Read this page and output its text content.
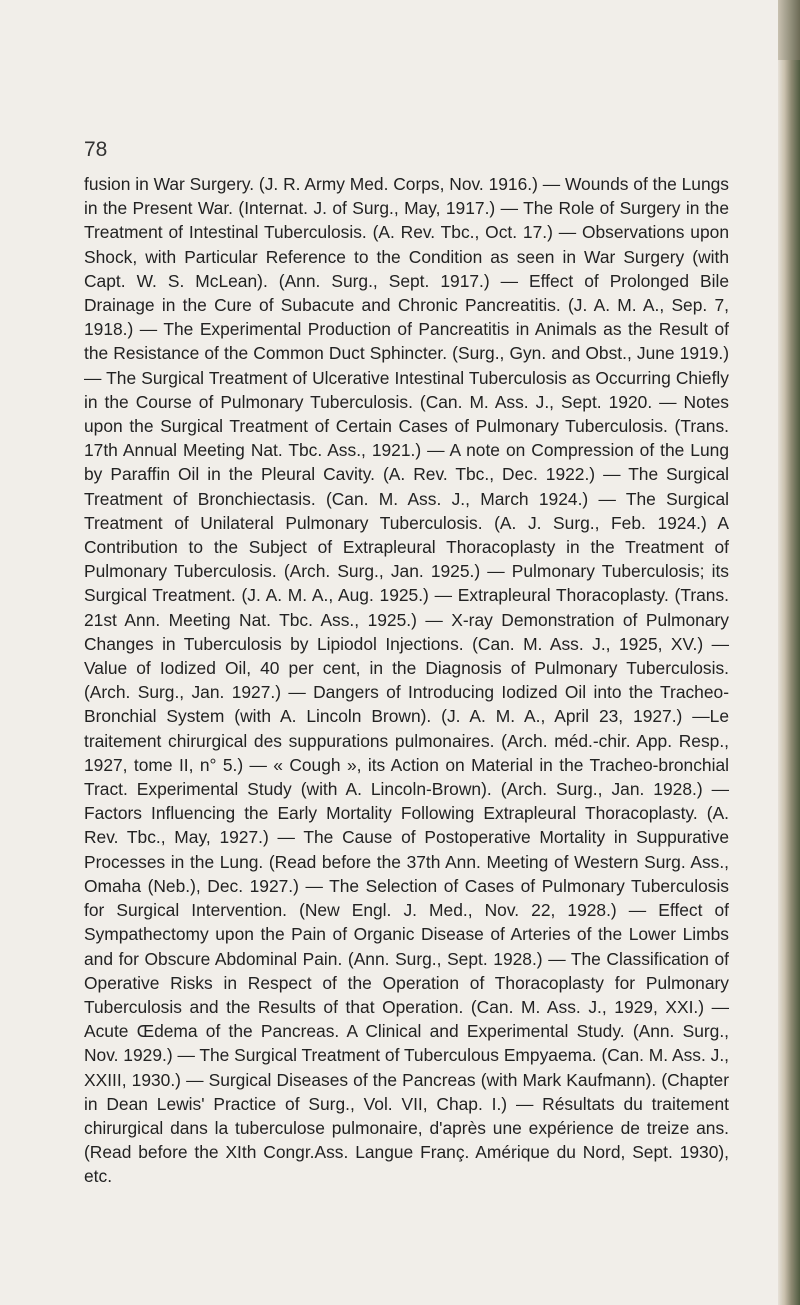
78

fusion in War Surgery. (J. R. Army Med. Corps, Nov. 1916.) — Wounds of the Lungs in the Present War. (Internat. J. of Surg., May, 1917.) — The Role of Surgery in the Treatment of Intestinal Tuberculosis. (A. Rev. Tbc., Oct. 17.) — Observations upon Shock, with Particular Reference to the Condition as seen in War Surgery (with Capt. W. S. McLean). (Ann. Surg., Sept. 1917.) — Effect of Prolonged Bile Drainage in the Cure of Subacute and Chronic Pancreatitis. (J. A. M. A., Sep. 7, 1918.) — The Experimental Production of Pancreatitis in Animals as the Result of the Resistance of the Common Duct Sphincter. (Surg., Gyn. and Obst., June 1919.) — The Surgical Treatment of Ulcerative Intestinal Tuberculosis as Occurring Chiefly in the Course of Pulmonary Tuberculosis. (Can. M. Ass. J., Sept. 1920. — Notes upon the Surgical Treatment of Certain Cases of Pulmonary Tuberculosis. (Trans. 17th Annual Meeting Nat. Tbc. Ass., 1921.) — A note on Compression of the Lung by Paraffin Oil in the Pleural Cavity. (A. Rev. Tbc., Dec. 1922.) — The Surgical Treatment of Bronchiectasis. (Can. M. Ass. J., March 1924.) — The Surgical Treatment of Unilateral Pulmonary Tuberculosis. (A. J. Surg., Feb. 1924.) A Contribution to the Subject of Extrapleural Thoracoplasty in the Treatment of Pulmonary Tuberculosis. (Arch. Surg., Jan. 1925.) — Pulmonary Tuberculosis; its Surgical Treatment. (J. A. M. A., Aug. 1925.) — Extrapleural Thoracoplasty. (Trans. 21st Ann. Meeting Nat. Tbc. Ass., 1925.) — X-ray Demonstration of Pulmonary Changes in Tuberculosis by Lipiodol Injections. (Can. M. Ass. J., 1925, XV.) — Value of Iodized Oil, 40 per cent, in the Diagnosis of Pulmonary Tuberculosis. (Arch. Surg., Jan. 1927.) — Dangers of Introducing Iodized Oil into the Tracheo-Bronchial System (with A. Lincoln Brown). (J. A. M. A., April 23, 1927.) —Le traitement chirurgical des suppurations pulmonaires. (Arch. méd.-chir. App. Resp., 1927, tome II, n° 5.) — « Cough », its Action on Material in the Tracheo-bronchial Tract. Experimental Study (with A. Lincoln-Brown). (Arch. Surg., Jan. 1928.) — Factors Influencing the Early Mortality Following Extrapleural Thoracoplasty. (A. Rev. Tbc., May, 1927.) — The Cause of Postoperative Mortality in Suppurative Processes in the Lung. (Read before the 37th Ann. Meeting of Western Surg. Ass., Omaha (Neb.), Dec. 1927.) — The Selection of Cases of Pulmonary Tuberculosis for Surgical Intervention. (New Engl. J. Med., Nov. 22, 1928.) — Effect of Sympathectomy upon the Pain of Organic Disease of Arteries of the Lower Limbs and for Obscure Abdominal Pain. (Ann. Surg., Sept. 1928.) — The Classification of Operative Risks in Respect of the Operation of Thoracoplasty for Pulmonary Tuberculosis and the Results of that Operation. (Can. M. Ass. J., 1929, XXI.) — Acute Œdema of the Pancreas. A Clinical and Experimental Study. (Ann. Surg., Nov. 1929.) — The Surgical Treatment of Tuberculous Empyaema. (Can. M. Ass. J., XXIII, 1930.) — Surgical Diseases of the Pancreas (with Mark Kaufmann). (Chapter in Dean Lewis' Practice of Surg., Vol. VII, Chap. I.) — Résultats du traitement chirurgical dans la tuberculose pulmonaire, d'après une expérience de treize ans. (Read before the XIth Congr.Ass. Langue Franç. Amérique du Nord, Sept. 1930), etc.
